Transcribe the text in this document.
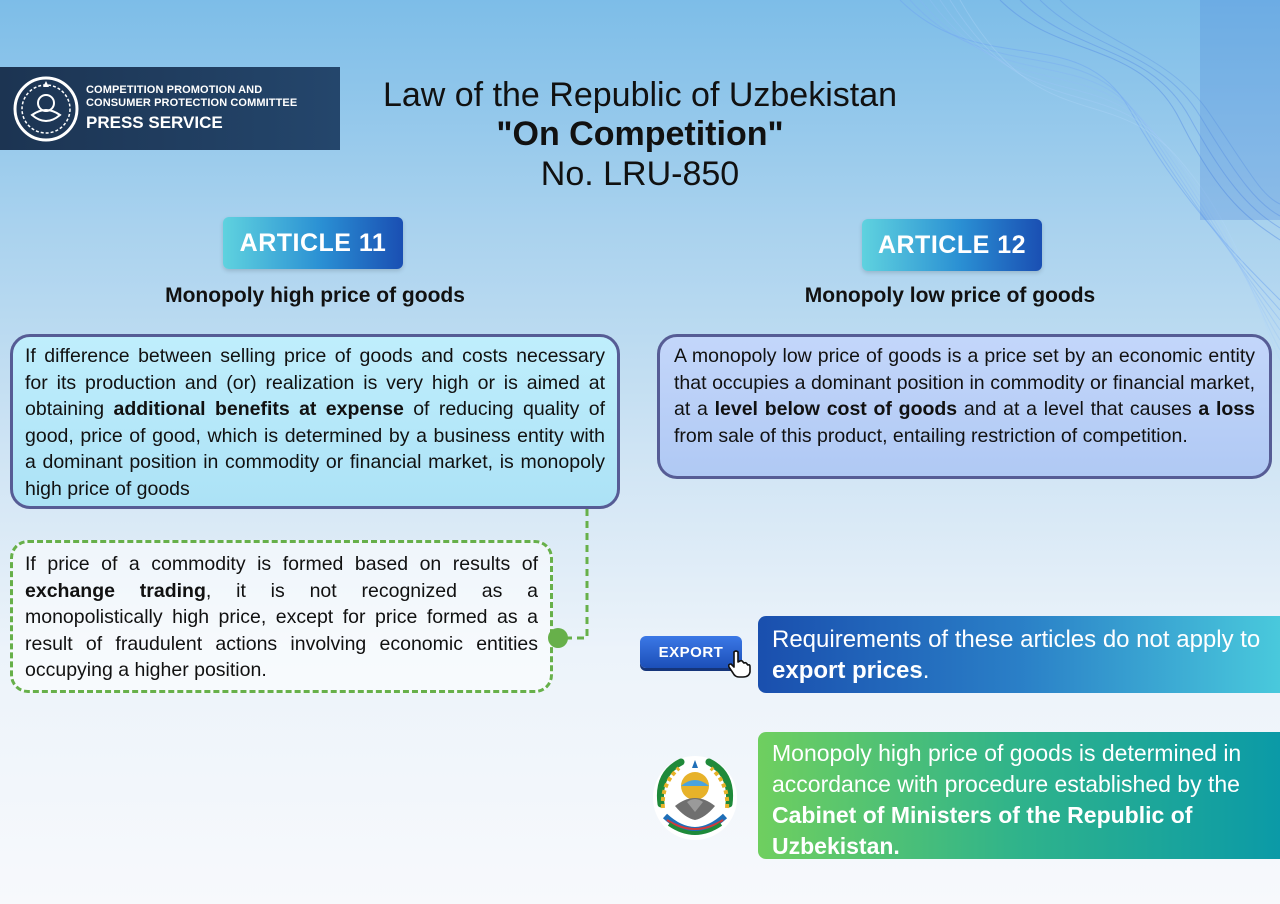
COMPETITION PROMOTION AND
CONSUMER PROTECTION COMMITTEE
PRESS SERVICE
Law of the Republic of Uzbekistan
"On Competition"
No. LRU-850
ARTICLE 11	ARTICLE 12
Monopoly high price of goods	Monopoly low price of goods
If difference between selling price of goods and costs necessary for its production and (or) realization is very high or is aimed at obtaining additional benefits at expense of reducing quality of good, price of good, which is determined by a business entity with a dominant position in commodity or financial market, is monopoly high price of goods
A monopoly low price of goods is a price set by an economic entity that occupies a dominant position in commodity or financial market, at a level below cost of goods and at a level that causes a loss from sale of this product, entailing restriction of competition.
If price of a commodity is formed based on results of exchange trading, it is not recognized as a monopolistically high price, except for price formed as a result of fraudulent actions involving economic entities occupying a higher position.
EXPORT	Requirements of these articles do not apply to export prices.
Monopoly high price of goods is determined in accordance with procedure established by the Cabinet of Ministers of the Republic of Uzbekistan.
